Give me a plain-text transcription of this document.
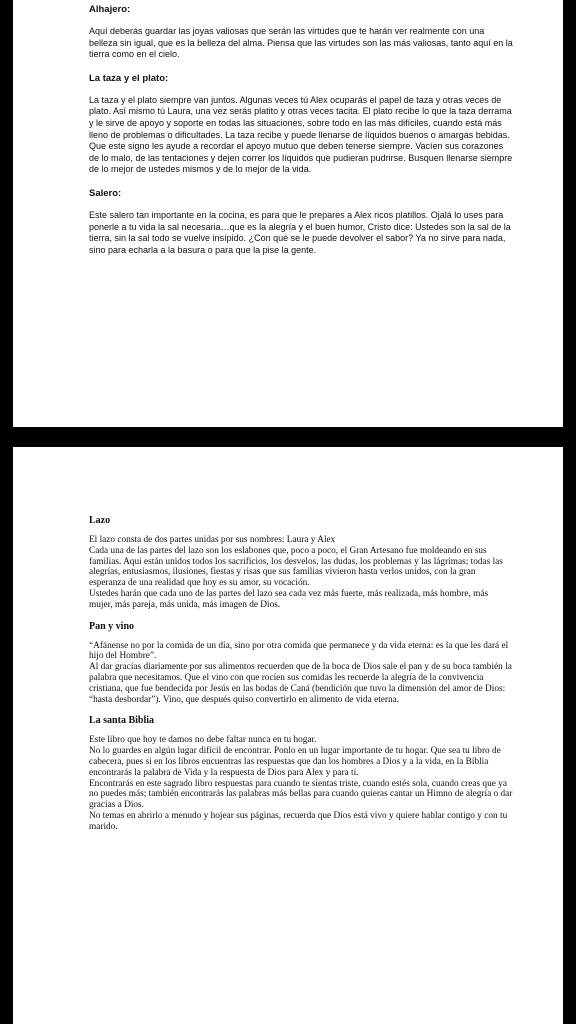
Alhajero:

Aquí deberás guardar las joyas valiosas que serán las virtudes que te harán ver realmente con una belleza sin igual, que es la belleza del alma. Piensa que las virtudes son las más valiosas, tanto aquí en la tierra como en el cielo.

La taza y el plato:

La taza y el plato siempre van juntos. Algunas veces tú Alex ocuparás el papel de taza y otras veces de plato. Así mismo tú Laura, una vez serás platito y otras veces tacita. El plato recibe lo que la taza derrama y le sirve de apoyo y soporte en todas las situaciones, sobre todo en las más difíciles, cuando está más lleno de problemas o dificultades. La taza recibe y puede llenarse de líquidos buenos o amargas bebidas. Que este signo les ayude a recordar el apoyo mutuo que deben tenerse siempre. Vacíen sus corazones de lo malo, de las tentaciones y dejen correr los líquidos que pudieran pudrirse. Busquen llenarse siempre de lo mejor de ustedes mismos y de lo mejor de la vida.

Salero:

Este salero tan importante en la cocina, es para que le prepares a Alex ricos platillos. Ojalá lo uses para ponerle a tu vida la sal necesaria…que es la alegría y el buen humor, Cristo dice: Ustedes son la sal de la tierra, sin la sal todo se vuelve insípido. ¿Con qué se le puede devolver el sabor? Ya no sirve para nada, sino para echarla a la basura o para que la pise la gente.

Lazo
El lazo consta de dos partes unidas por sus nombres: Laura y Alex
Cada una de las partes del lazo son los eslabones que, poco a poco, el Gran Artesano fue moldeando en sus familias. Aquí están unidos todos los sacrificios, los desvelos, las dudas, los problemas y las lágrimas; todas las alegrías, entusiasmos, ilusiones, fiestas y risas que sus familias vivieron hasta verlos unidos, con la gran esperanza de una realidad que hoy es su amor, su vocación.
Ustedes harán que cada uno de las partes del lazo sea cada vez más fuerte, más realizada, más hombre, más mujer, más pareja, más unida, más imagen de Dios.
Pan y vino
“Afánense no por la comida de un día, sino por otra comida que permanece y da vida eterna: es la que les dará el hijo del Hombre”.
Al dar gracias diariamente por sus alimentos recuerden que de la boca de Dios sale el pan y de su boca también la palabra que necesitamos. Que el vino con que rocíen sus comidas les recuerde la alegría de la convivencia cristiana, que fue bendecida por Jesús en las bodas de Caná (bendición que tuvo la dimensión del amor de Dios: “hasta desbordar”). Vino, que después quiso convertirlo en alimento de vida eterna.
La santa Biblia
Este libro que hoy te damos no debe faltar nunca en tu hogar.
No lo guardes en algún lugar difícil de encontrar. Ponlo en un lugar importante de tu hogar. Que sea tu libro de cabecera, pues si en los libros encuentras las respuestas que dan los hombres a Dios y a la vida, en la Biblia encontrarás la palabra de Vida y la respuesta de Dios para Alex y para ti.
Encontrarás en este sagrado libro respuestas para cuando te sientas triste, cuando estés sola, cuando creas que ya no puedes más; también encontrarás las palabras más bellas para cuando quieras cantar un Himno de alegría o dar gracias a Dios.
No temas en abrirlo a menudo y hojear sus páginas, recuerda que Dios está vivo y quiere hablar contigo y con tu marido.
